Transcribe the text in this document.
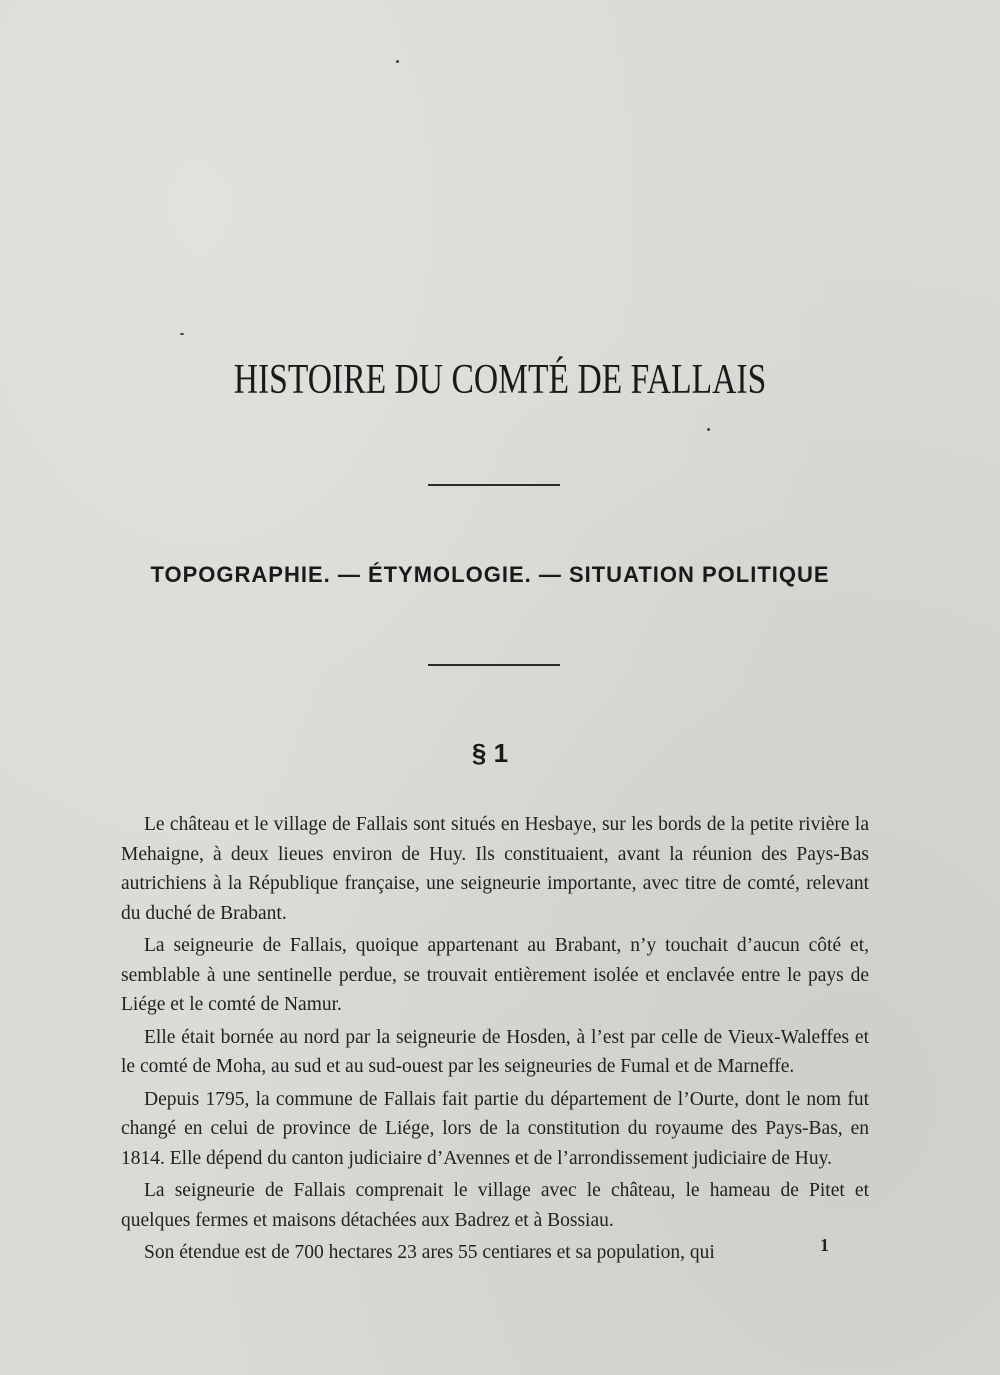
HISTOIRE DU COMTÉ DE FALLAIS
TOPOGRAPHIE. — ÉTYMOLOGIE. — SITUATION POLITIQUE
§ 1

Le château et le village de Fallais sont situés en Hesbaye, sur les bords de la petite rivière la Mehaigne, à deux lieues environ de Huy. Ils constituaient, avant la réunion des Pays-Bas autrichiens à la République française, une seigneurie importante, avec titre de comté, relevant du duché de Brabant.

La seigneurie de Fallais, quoique appartenant au Brabant, n’y touchait d’aucun côté et, semblable à une sentinelle perdue, se trouvait entièrement isolée et enclavée entre le pays de Liége et le comté de Namur.

Elle était bornée au nord par la seigneurie de Hosden, à l’est par celle de Vieux-Waleffes et le comté de Moha, au sud et au sud-ouest par les seigneuries de Fumal et de Marneffe.

Depuis 1795, la commune de Fallais fait partie du département de l’Ourte, dont le nom fut changé en celui de province de Liége, lors de la constitution du royaume des Pays-Bas, en 1814. Elle dépend du canton judiciaire d’Avennes et de l’arrondissement judiciaire de Huy.

La seigneurie de Fallais comprenait le village avec le château, le hameau de Pitet et quelques fermes et maisons détachées aux Badrez et à Bossiau.

Son étendue est de 700 hectares 23 ares 55 centiares et sa population, qui	1
